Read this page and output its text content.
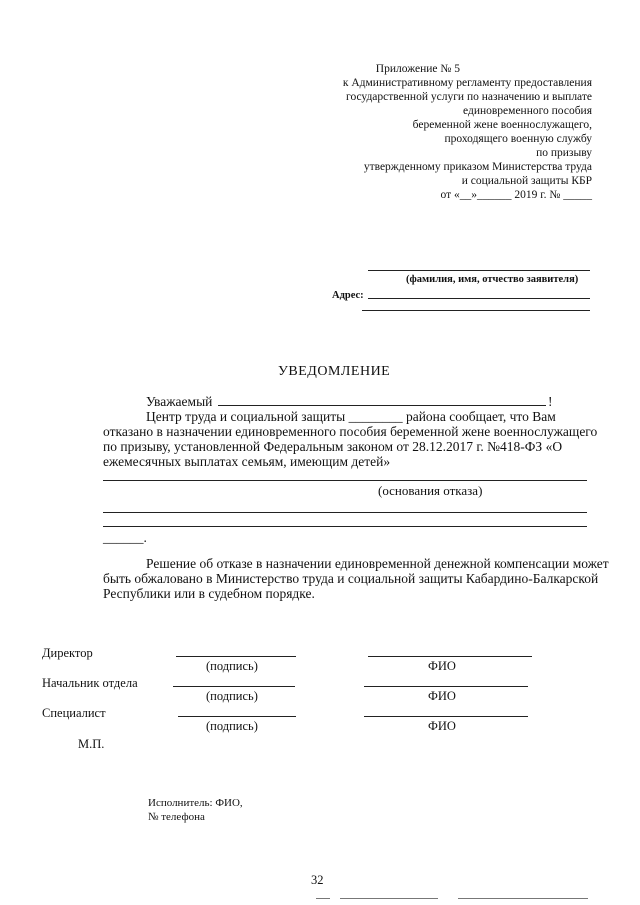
Приложение № 5
к Административному регламенту предоставления
государственной услуги по назначению и выплате
единовременного пособия
беременной жене военнослужащего,
проходящего военную службу
по призыву
утвержденному приказом Министерства труда
и социальной защиты КБР
от «__»______ 2019 г. № _____
(фамилия, имя, отчество заявителя)
Адрес:
УВЕДОМЛЕНИЕ
Уважаемый	!
Центр труда и социальной защиты ________ района сообщает, что Вам
отказано в назначении единовременного пособия беременной жене военнослужащего
по призыву, установленной Федеральным законом от 28.12.2017 г. №418-ФЗ «О
ежемесячных выплатах семьям, имеющим детей»
(основания отказа)
______.
Решение об отказе в назначении единовременной денежной компенсации может
быть обжаловано в Министерство труда и социальной защиты Кабардино-Балкарской
Республики или в судебном порядке.
Директор
(подпись)	ФИО
Начальник отдела
(подпись)	ФИО
Специалист
(подпись)	ФИО
М.П.
Исполнитель: ФИО,
№ телефона
32
